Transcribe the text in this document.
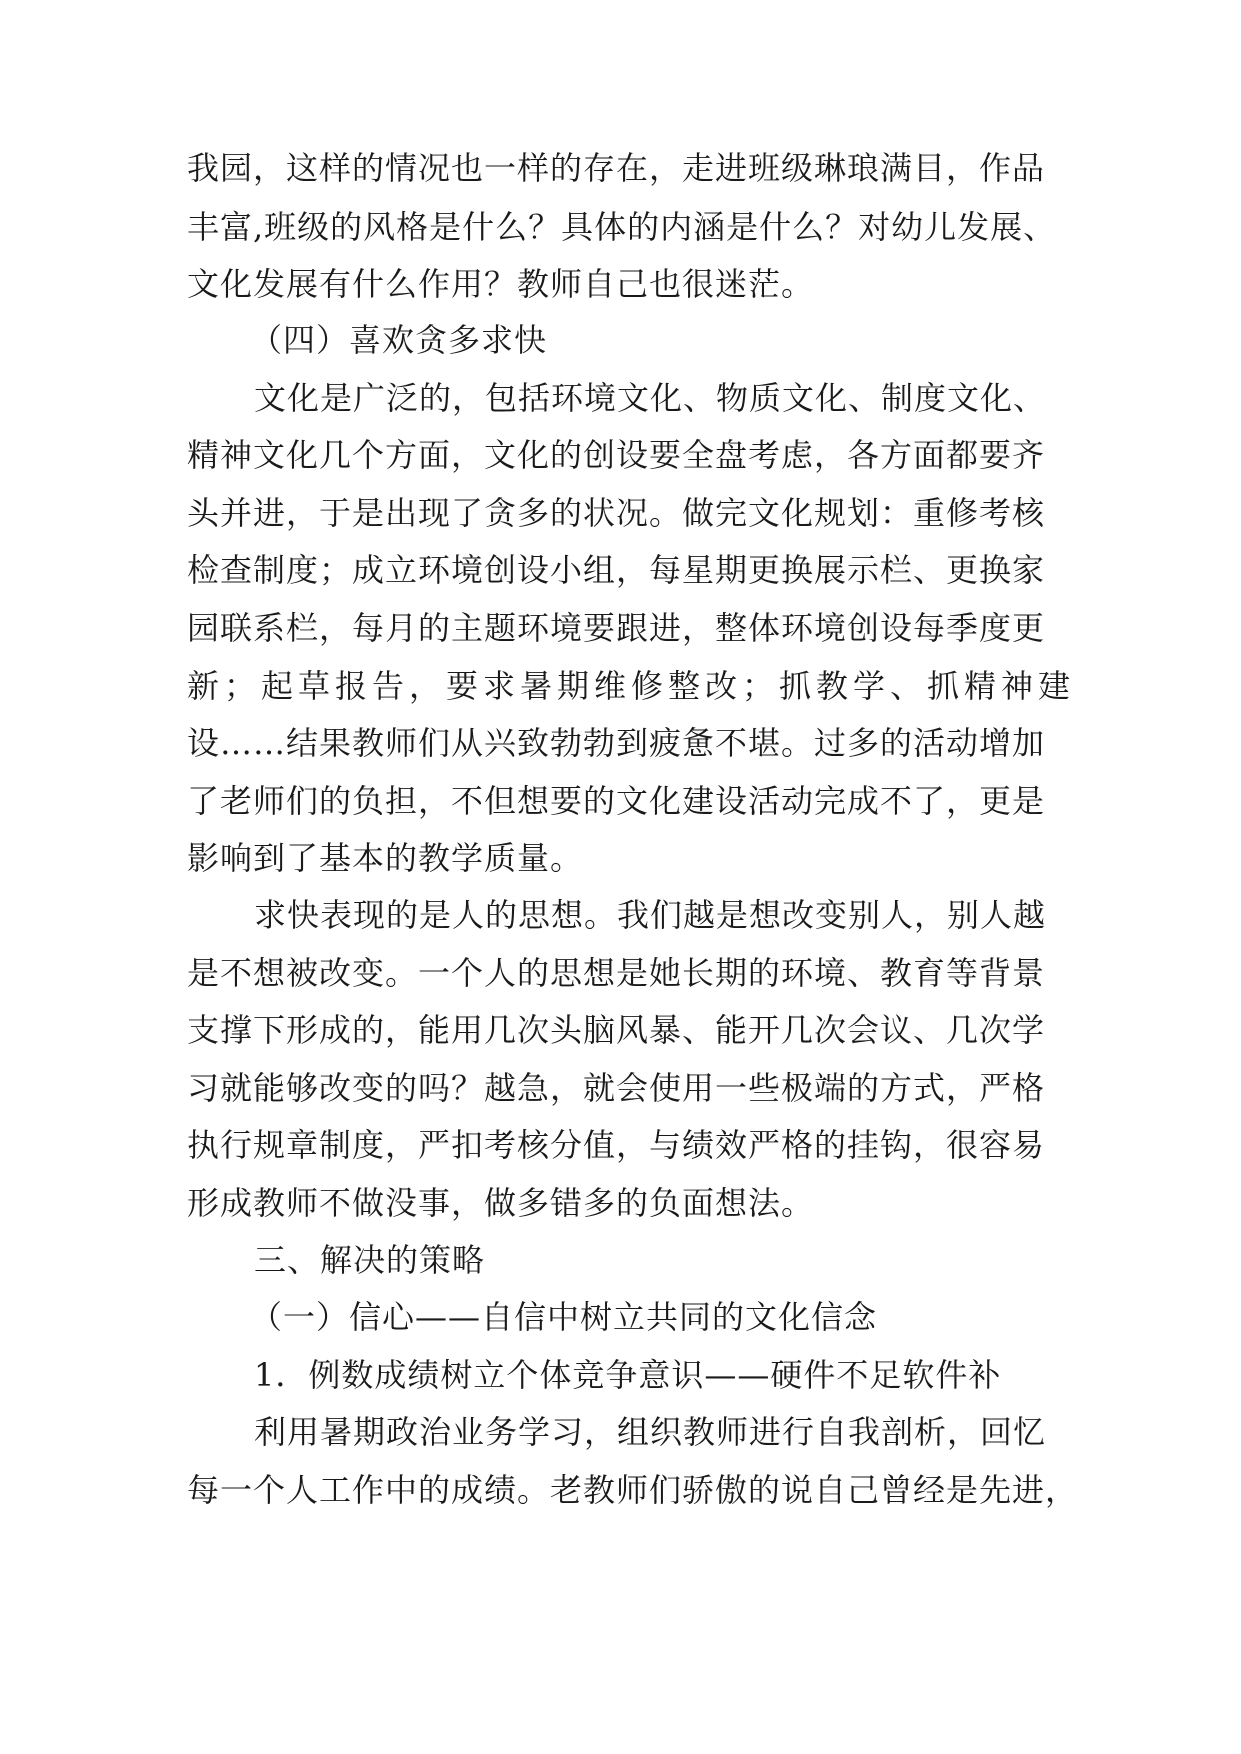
我园，这样的情况也一样的存在，走进班级琳琅满目，作品
丰富,班级的风格是什么？具体的内涵是什么？对幼儿发展、
文化发展有什么作用？教师自己也很迷茫。
（四）喜欢贪多求快
文化是广泛的，包括环境文化、物质文化、制度文化、
精神文化几个方面，文化的创设要全盘考虑，各方面都要齐
头并进，于是出现了贪多的状况。做完文化规划：重修考核
检查制度；成立环境创设小组，每星期更换展示栏、更换家
园联系栏，每月的主题环境要跟进，整体环境创设每季度更
新；起草报告，要求暑期维修整改；抓教学、抓精神建
设……结果教师们从兴致勃勃到疲惫不堪。过多的活动增加
了老师们的负担，不但想要的文化建设活动完成不了，更是
影响到了基本的教学质量。
求快表现的是人的思想。我们越是想改变别人，别人越
是不想被改变。一个人的思想是她长期的环境、教育等背景
支撑下形成的，能用几次头脑风暴、能开几次会议、几次学
习就能够改变的吗？越急，就会使用一些极端的方式，严格
执行规章制度，严扣考核分值，与绩效严格的挂钩，很容易
形成教师不做没事，做多错多的负面想法。
三、解决的策略
（一）信心——自信中树立共同的文化信念
1．例数成绩树立个体竞争意识——硬件不足软件补
利用暑期政治业务学习，组织教师进行自我剖析，回忆
每一个人工作中的成绩。老教师们骄傲的说自己曾经是先进，
